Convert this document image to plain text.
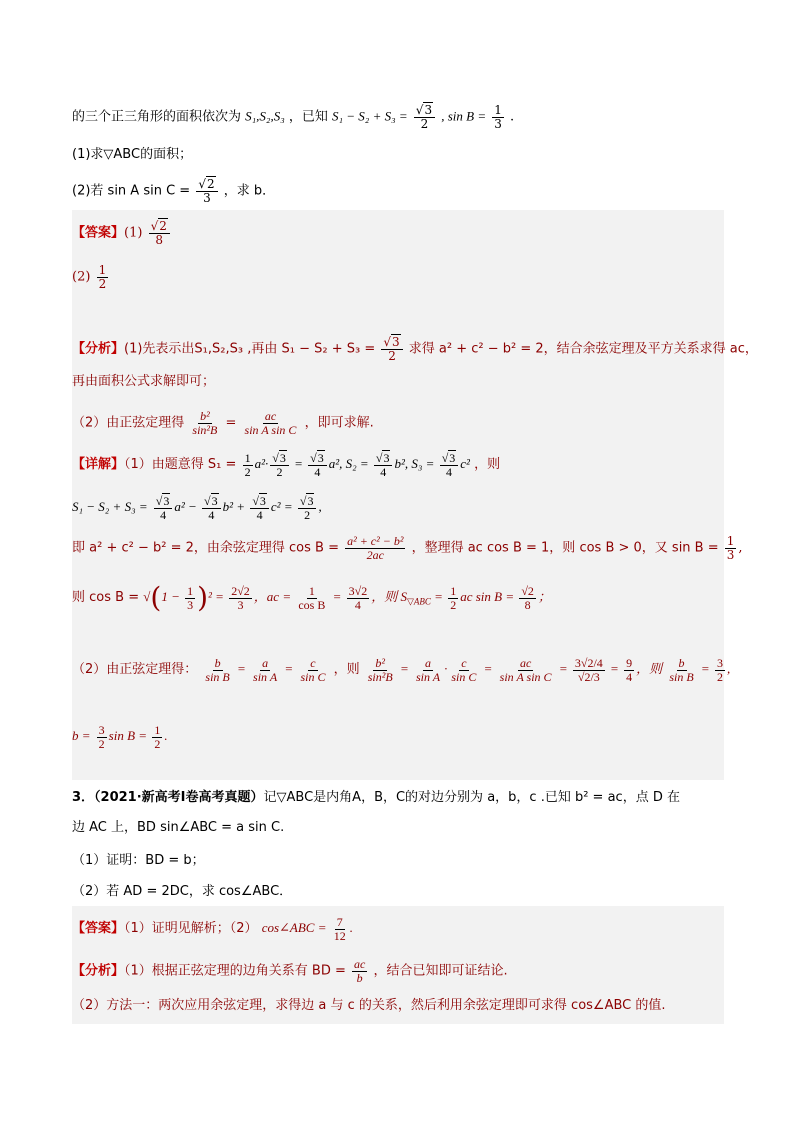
的三个正三角形的面积依次为 S₁,S₂,S₃ ，已知 $S_1 - S_2 + S_3 = \frac{√3}{2}$ , $\sin B = \frac{1}{3}$ .
(1)求▽ABC的面积；
(2)若 sin A $\sin C = \frac{√2}{3}$ ，求 b．
【答案】$(1) \frac{√2}{8}$
$(2) \frac{1}{2}$
【分析】(1)先表示出S₁,S₂,S₃ ,再由 $S_1 - S_2 + S_3 = \frac{√3}{2}$ 求得 a² + c² − b² = 2，结合余弦定理及平方关系求得 ac，
再由面积公式求解即可；
（2）由正弦定理得 $\frac{\text{b²}}{\text{sin²B}} = \frac{ac}{\text{sin A sin C}}$ ，即可求解.
【详解】（1）由题意得 $S_1 = \frac{1}{2} a^2\cdot \frac{√3}{2} = \frac{√3}{4} a^2$, $S_2 = \frac{√3}{4} b^2$, $S_3 = \frac{√3}{4} c^2$ ，则
$S_1 - S_2 + S_3 = \frac{√3}{4} a^2 - \frac{√3}{4} b^2 + \frac{√3}{4} c^2 = \frac{√3}{2}$ ,
即 a² + c² − b² = 2，由余弦定理得 $\cos B = \frac{\text{a² + c² − b²}}{2ac}$ ，整理得 ac cos B = 1，则 cos B > 0，又 $\sin B = \frac{1}{3}$ ,
则 $\cos B = √(1 - \frac{1}{3} )^2 = \frac{2√2}{3}$ ，ac = $\frac{1}{\text{cos B}} = \frac{3√2}{4}$ ，则 $S_{▽ABC} = \frac{1}{2}$ ac $\sin B = \frac{√2}{8}$ ；
（2）由正弦定理得： $\frac{b}{\text{sin B}} = \frac{a}{\text{sin A}} = \frac{c}{\text{sin C}}$ ，则 $\frac{\text{b²}}{\text{sin²B}} = \frac{a}{\text{sin A}} \cdot \frac{c}{\text{sin C}} = \frac{ac}{\text{sin A sin C}} = \frac{3√2/4}{√2/3} = \frac{9}{4}$ ，则 $\frac{b}{\text{sin B}} = \frac{3}{2}$ ,
$b = \frac{3}{2}$ $\sin B = \frac{1}{2}$ .
3．（2021·新高考Ⅰ卷高考真题）记▽ABC是内角A，B，C的对边分别为 a，b，c .已知 b² = ac，点 D 在
边 AC 上，BD sin∠ABC = a sin C.
（1）证明：BD = b；
（2）若 AD = 2DC，求 cos∠ABC．
【答案】（1）证明见解析；（2） cos∠ABC = $\frac{7}{12}$ .
【分析】（1）根据正弦定理的边角关系有 BD = $\frac{ac}{b}$ ，结合已知即可证结论.
（2）方法一：两次应用余弦定理，求得边 a 与 c 的关系，然后利用余弦定理即可求得 cos∠ABC 的值.
